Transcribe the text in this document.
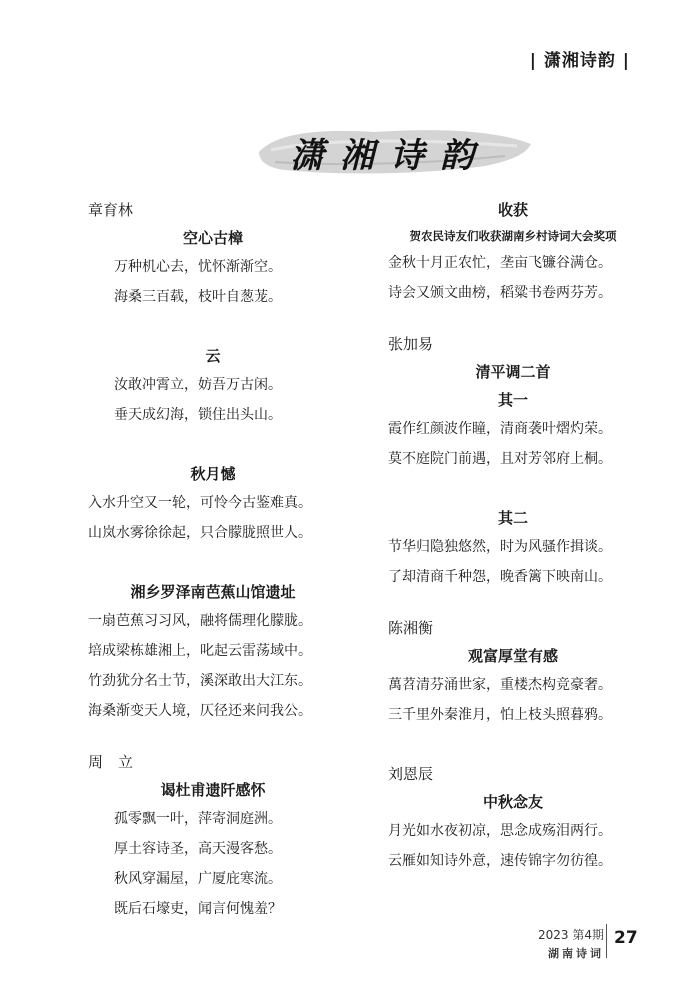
| 潇湘诗韵 |
潇湘诗韵
章育林
空心古樟
万种机心去，忧怀渐渐空。
海桑三百载，枝叶自葱茏。
云
汝敢冲霄立，妨吾万古闲。
垂天成幻海，锁住出头山。
秋月憾
入水升空又一轮，可怜今古鉴难真。
山岚水雾徐徐起，只合朦胧照世人。
湘乡罗泽南芭蕉山馆遗址
一扇芭蕉习习风，融将儒理化朦胧。
培成梁栋雄湘上，叱起云雷荡域中。
竹劲犹分名士节，溪深敢出大江东。
海桑渐变天人境，仄径还来问我公。
周　立
谒杜甫遗阡感怀
孤零飘一叶，萍寄洞庭洲。
厚土容诗圣，高天漫客愁。
秋风穿漏屋，广厦庇寒流。
既后石壕吏，闻言何愧羞？
收获
贺农民诗友们收获湖南乡村诗词大会奖项
金秋十月正农忙，垄亩飞镰谷满仓。
诗会又颁文曲榜，稻粱书卷两芬芳。
张加易
清平调二首
其一
霞作红颜波作瞳，清商袭叶熠灼荣。
莫不庭院门前遇，且对芳邻府上桐。
其二
节华归隐独悠然，时为风骚作揖谈。
了却清商千种怨，晚香篱下映南山。
陈湘衡
观富厚堂有感
萬苕清芬涌世家，重楼杰构竞豪奢。
三千里外秦淮月，怕上枝头照暮鸦。
刘恩辰
中秋念友
月光如水夜初凉，思念成殇泪两行。
云雁如知诗外意，速传锦字勿彷徨。
2023 第4期
湖南诗词
27
